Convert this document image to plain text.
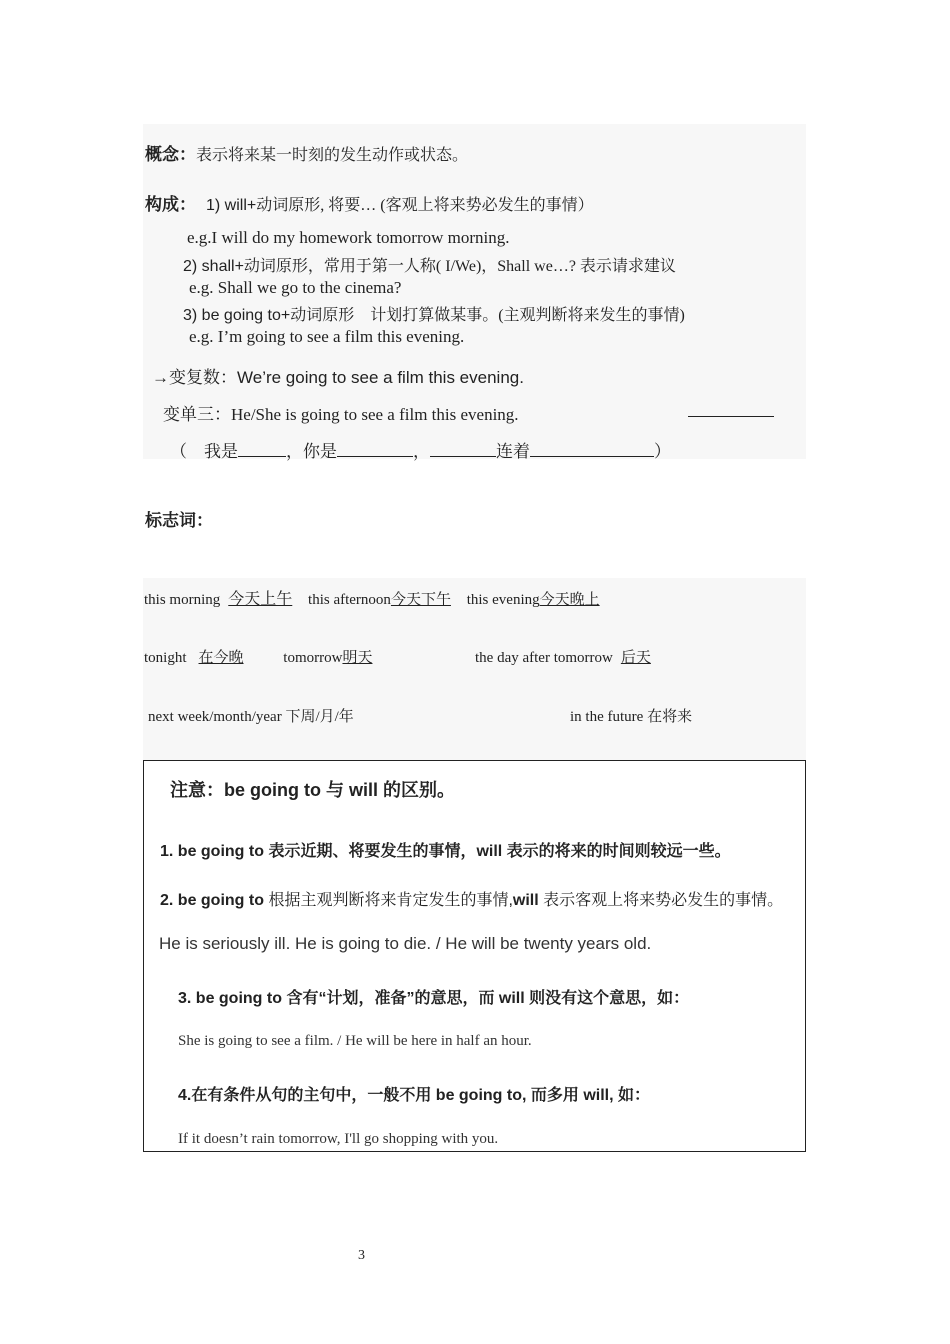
概念：表示将来某一时刻的发生动作或状态。
构成： 1) will+动词原形, 将要… (客观上将来势必发生的事情）
e.g.I will do my homework tomorrow morning.
2) shall+动词原形，常用于第一人称( I/We)，Shall we…? 表示请求建议
e.g. Shall we go to the cinema?
3) be going to+动词原形　计划打算做某事。(主观判断将来发生的事情)
e.g. I’m going to see a film this evening.
→变复数：We’re going to see a film this evening.
变单三：He/She is going to see a film this evening.
（　我是	，你是	，	连着	）
标志词：
this morning 今天上午 this afternoon今天下午 this evening今天晚上
tonight 在今晚	tomorrow明天	the day after tomorrow 后天
next week/month/year 下周/月/年	in the future 在将来
注意：be going to 与 will 的区别。
1. be going to 表示近期、将要发生的事情，will 表示的将来的时间则较远一些。
2. be going to 根据主观判断将来肯定发生的事情,will 表示客观上将来势必发生的事情。
He is seriously ill. He is going to die. / He will be twenty years old.
3. be going to 含有“计划，准备”的意思，而 will 则没有这个意思，如：
She is going to see a film. / He will be here in half an hour.
4.在有条件从句的主句中，一般不用 be going to, 而多用 will, 如：
If it doesn’t rain tomorrow, I'll go shopping with you.
3
